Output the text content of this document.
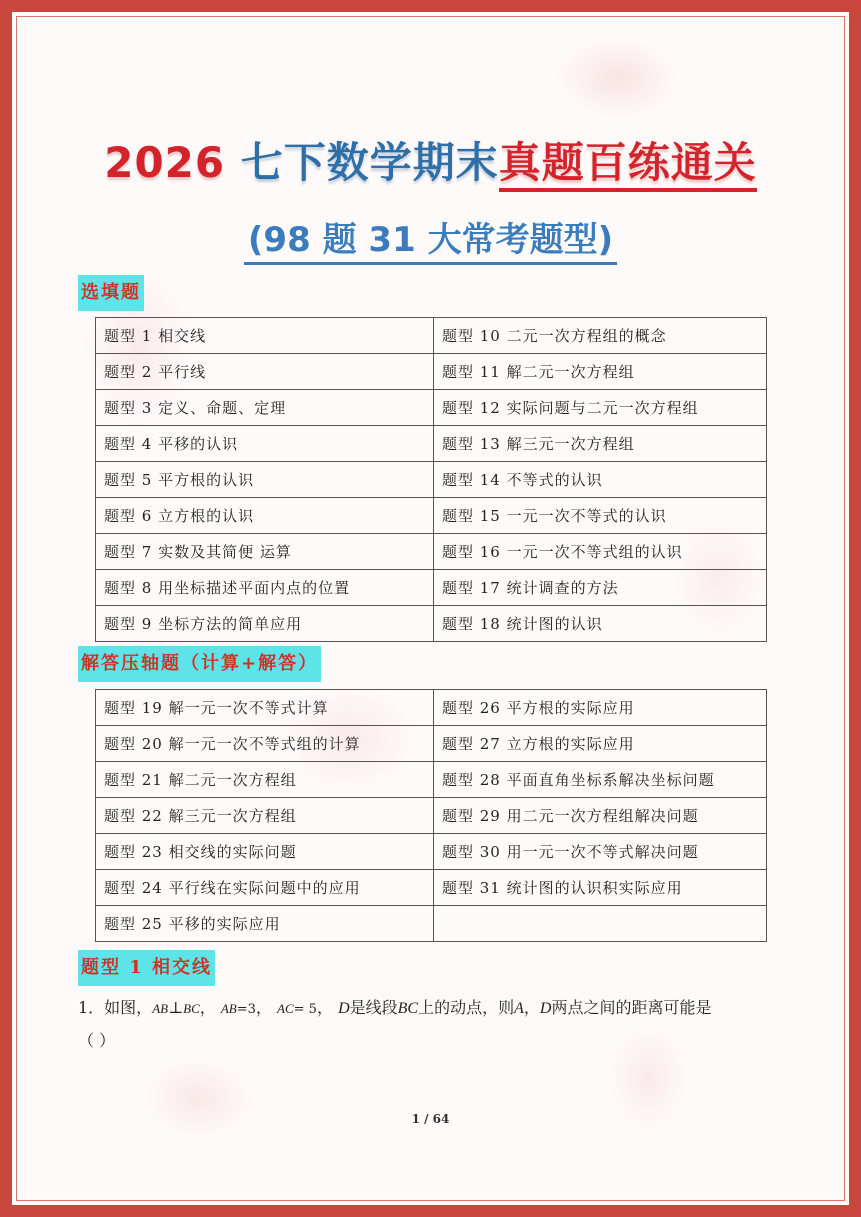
2026 七下数学期末真题百练通关
(98 题 31 大常考题型)
选填题
题型 1 相交线	题型 10 二元一次方程组的概念
题型 2 平行线	题型 11 解二元一次方程组
题型 3 定义、命题、定理	题型 12 实际问题与二元一次方程组
题型 4 平移的认识	题型 13 解三元一次方程组
题型 5 平方根的认识	题型 14 不等式的认识
题型 6 立方根的认识	题型 15 一元一次不等式的认识
题型 7 实数及其简便 运算	题型 16 一元一次不等式组的认识
题型 8 用坐标描述平面内点的位置	题型 17 统计调查的方法
题型 9 坐标方法的简单应用	题型 18 统计图的认识
解答压轴题（计算+解答）
题型 19 解一元一次不等式计算	题型 26 平方根的实际应用
题型 20 解一元一次不等式组的计算	题型 27 立方根的实际应用
题型 21 解二元一次方程组	题型 28 平面直角坐标系解决坐标问题
题型 22 解三元一次方程组	题型 29 用二元一次方程组解决问题
题型 23 相交线的实际问题	题型 30 用一元一次不等式解决问题
题型 24 平行线在实际问题中的应用	题型 31 统计图的认识积实际应用
题型 25 平移的实际应用	
题型 1 相交线
1．如图，AB⊥BC， AB=3， AC= 5， D是线段BC上的动点，则A，D两点之间的距离可能是
（ ）
1 / 64
